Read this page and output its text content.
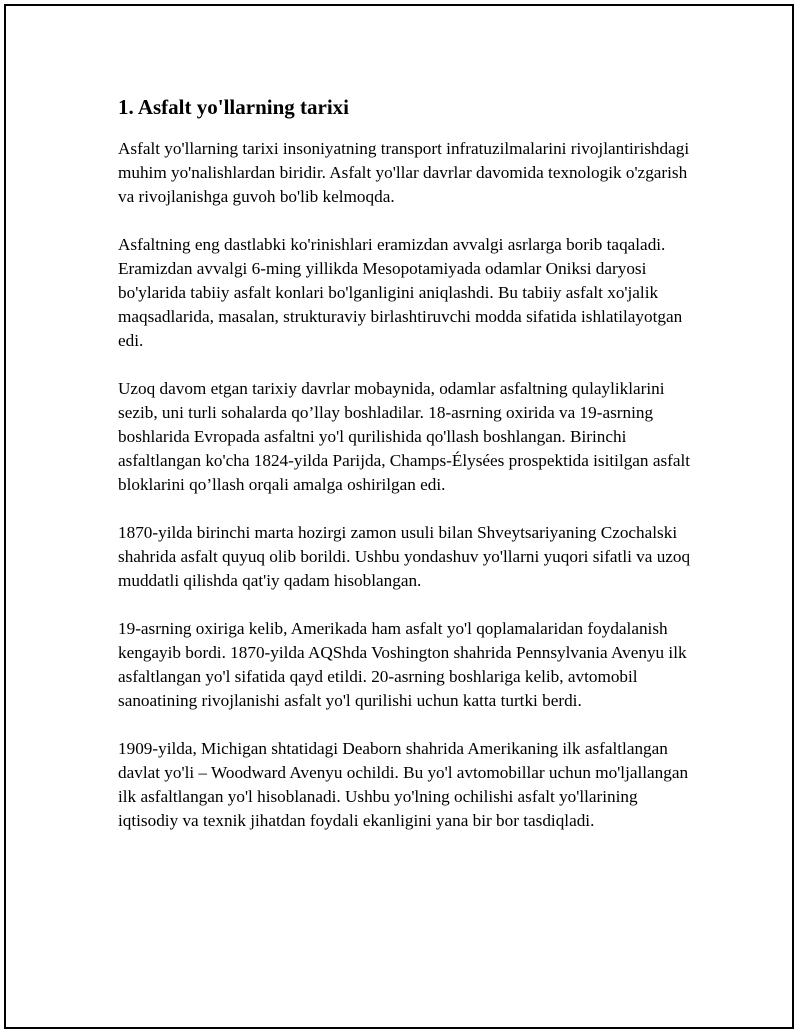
1. Asfalt yo'llarning tarixi

Asfalt yo'llarning tarixi insoniyatning transport infratuzilmalarini rivojlantirishdagi muhim yo'nalishlardan biridir. Asfalt yo'llar davrlar davomida texnologik o'zgarish va rivojlanishga guvoh bo'lib kelmoqda.

Asfaltning eng dastlabki ko'rinishlari eramizdan avvalgi asrlarga borib taqaladi. Eramizdan avvalgi 6-ming yillikda Mesopotamiyada odamlar Oniksi daryosi bo'ylarida tabiiy asfalt konlari bo'lganligini aniqlashdi. Bu tabiiy asfalt xo'jalik maqsadlarida, masalan, strukturaviy birlashtiruvchi modda sifatida ishlatilayotgan edi.

Uzoq davom etgan tarixiy davrlar mobaynida, odamlar asfaltning qulayliklarini sezib, uni turli sohalarda qo’llay boshladilar. 18-asrning oxirida va 19-asrning boshlarida Evropada asfaltni yo'l qurilishida qo'llash boshlangan. Birinchi asfaltlangan ko'cha 1824-yilda Parijda, Champs-Élysées prospektida isitilgan asfalt bloklarini qo’llash orqali amalga oshirilgan edi.

1870-yilda birinchi marta hozirgi zamon usuli bilan Shveytsariyaning Czochalski shahrida asfalt quyuq olib borildi. Ushbu yondashuv yo'llarni yuqori sifatli va uzoq muddatli qilishda qat'iy qadam hisoblangan.

19-asrning oxiriga kelib, Amerikada ham asfalt yo'l qoplamalaridan foydalanish kengayib bordi. 1870-yilda AQShda Voshington shahrida Pennsylvania Avenyu ilk asfaltlangan yo'l sifatida qayd etildi. 20-asrning boshlariga kelib, avtomobil sanoatining rivojlanishi asfalt yo'l qurilishi uchun katta turtki berdi.

1909-yilda, Michigan shtatidagi Deaborn shahrida Amerikaning ilk asfaltlangan davlat yo'li – Woodward Avenyu ochildi. Bu yo'l avtomobillar uchun mo'ljallangan ilk asfaltlangan yo'l hisoblanadi. Ushbu yo'lning ochilishi asfalt yo'llarining iqtisodiy va texnik jihatdan foydali ekanligini yana bir bor tasdiqladi.
